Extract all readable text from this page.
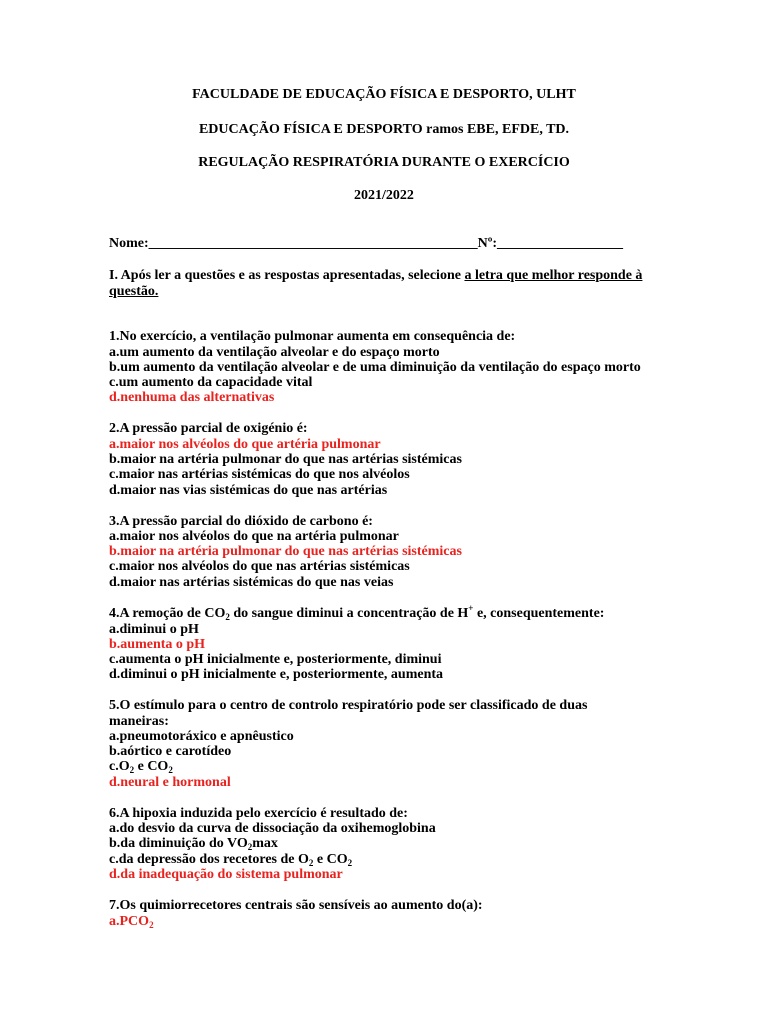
FACULDADE DE EDUCAÇÃO FÍSICA E DESPORTO, ULHT
EDUCAÇÃO FÍSICA E DESPORTO ramos EBE, EFDE, TD.
REGULAÇÃO RESPIRATÓRIA DURANTE O EXERCÍCIO
2021/2022
Nome:_______________________________________________Nº:__________________
I. Após ler a questões e as respostas apresentadas, selecione a letra que melhor responde à
questão.
1.No exercício, a ventilação pulmonar aumenta em consequência de:
a.um aumento da ventilação alveolar e do espaço morto
b.um aumento da ventilação alveolar e de uma diminuição da ventilação do espaço morto
c.um aumento da capacidade vital
d.nenhuma das alternativas
2.A pressão parcial de oxigénio é:
a.maior nos alvéolos do que artéria pulmonar
b.maior na artéria pulmonar do que nas artérias sistémicas
c.maior nas artérias sistémicas do que nos alvéolos
d.maior nas vias sistémicas do que nas artérias
3.A pressão parcial do dióxido de carbono é:
a.maior nos alvéolos do que na artéria pulmonar
b.maior na artéria pulmonar do que nas artérias sistémicas
c.maior nos alvéolos do que nas artérias sistémicas
d.maior nas artérias sistémicas do que nas veias
4.A remoção de $CO_2$ do sangue diminui a concentração de H+ e, consequentemente:
a.diminui o pH
b.aumenta o pH
c.aumenta o pH inicialmente e, posteriormente, diminui
d.diminui o pH inicialmente e, posteriormente, aumenta
5.O estímulo para o centro de controlo respiratório pode ser classificado de duas
maneiras:
a.pneumotoráxico e apnêustico
b.aórtico e carotídeo
$c.O_2$ e $CO_2$
d.neural e hormonal
6.A hipoxia induzida pelo exercício é resultado de:
a.do desvio da curva de dissociação da oxihemoglobina
b.da diminuição do $VO_2\max$
c.da depressão dos recetores de $O_2$ e $CO_2$
d.da inadequação do sistema pulmonar
7.Os quimiorrecetores centrais são sensíveis ao aumento do(a):
$a.PCO_2$
